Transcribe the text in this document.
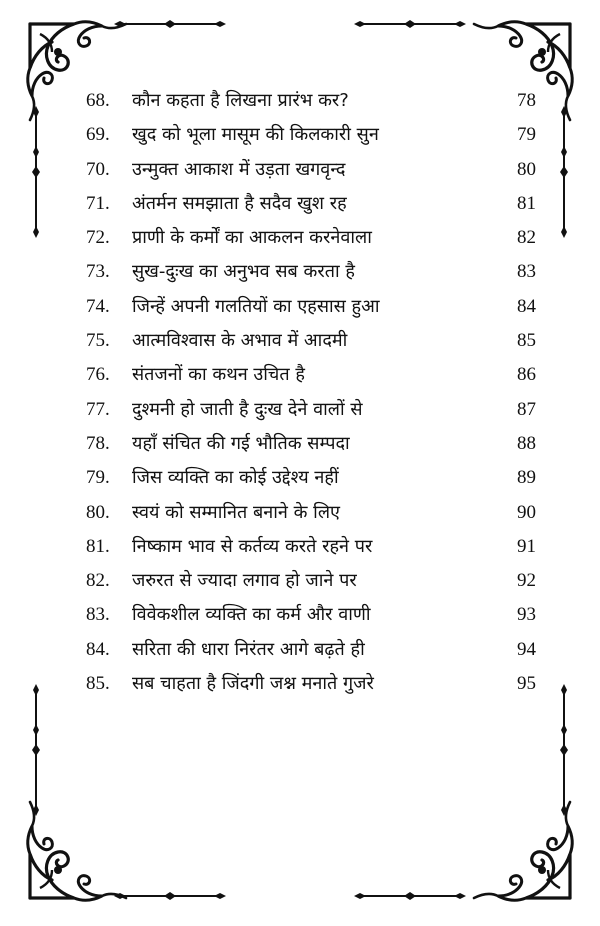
68. कौन कहता है लिखना प्रारंभ कर?	78
69. खुद को भूला मासूम की किलकारी सुन	79
70. उन्मुक्त आकाश में उड़ता खगवृन्द	80
71. अंतर्मन समझाता है सदैव खुश रह	81
72. प्राणी के कर्मों का आकलन करनेवाला	82
73. सुख-दुःख का अनुभव सब करता है	83
74. जिन्हें अपनी गलतियों का एहसास हुआ	84
75. आत्मविश्वास के अभाव में आदमी	85
76. संतजनों का कथन उचित है	86
77. दुश्मनी हो जाती है दुःख देने वालों से	87
78. यहाँ संचित की गई भौतिक सम्पदा	88
79. जिस व्यक्ति का कोई उद्देश्य नहीं	89
80. स्वयं को सम्मानित बनाने के लिए	90
81. निष्काम भाव से कर्तव्य करते रहने पर	91
82. जरुरत से ज्यादा लगाव हो जाने पर	92
83. विवेकशील व्यक्ति का कर्म और वाणी	93
84. सरिता की धारा निरंतर आगे बढ़ते ही	94
85. सब चाहता है जिंदगी जश्न मनाते गुजरे	95
